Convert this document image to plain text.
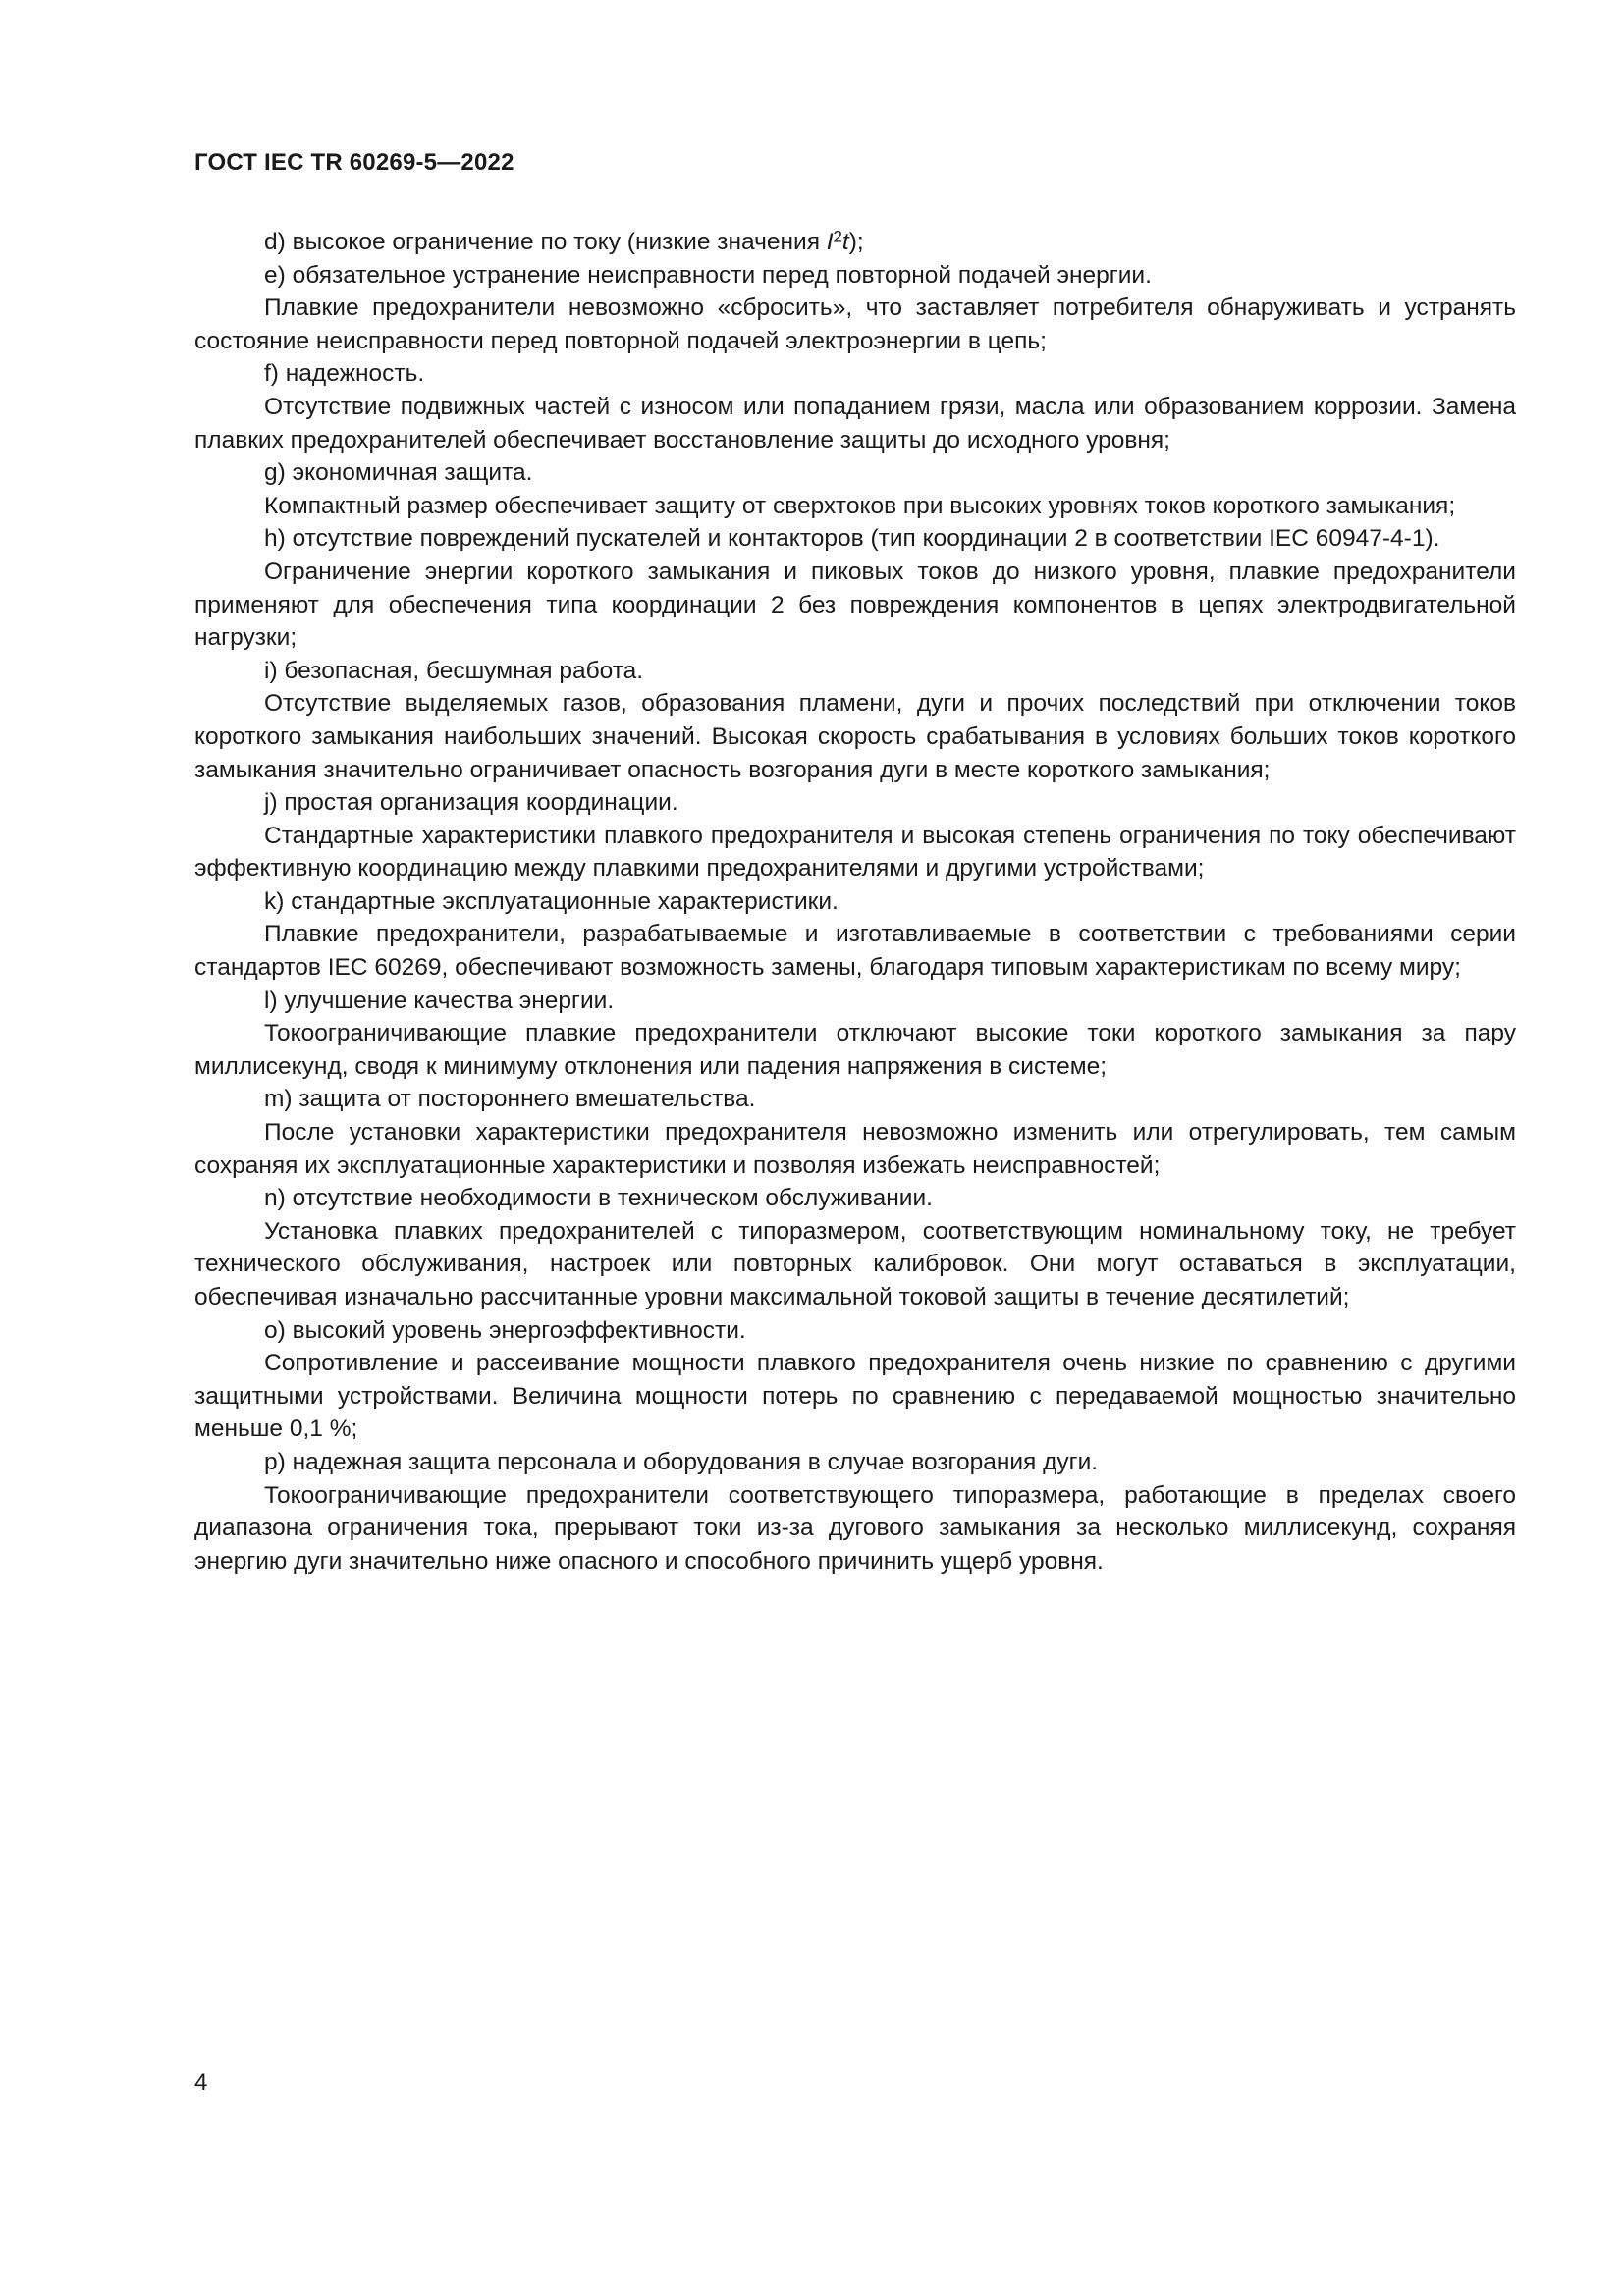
ГОСТ IEC TR 60269-5—2022

d) высокое ограничение по току (низкие значения $I^2t$);

e) обязательное устранение неисправности перед повторной подачей энергии.

Плавкие предохранители невозможно «сбросить», что заставляет потребителя обнаруживать и устранять состояние неисправности перед повторной подачей электроэнергии в цепь;

f) надежность.

Отсутствие подвижных частей с износом или попаданием грязи, масла или образованием коррозии. Замена плавких предохранителей обеспечивает восстановление защиты до исходного уровня;

g) экономичная защита.

Компактный размер обеспечивает защиту от сверхтоков при высоких уровнях токов короткого замыкания;

h) отсутствие повреждений пускателей и контакторов (тип координации 2 в соответствии IEC 60947-4-1).

Ограничение энергии короткого замыкания и пиковых токов до низкого уровня, плавкие предохранители применяют для обеспечения типа координации 2 без повреждения компонентов в цепях электродвигательной нагрузки;

i) безопасная, бесшумная работа.

Отсутствие выделяемых газов, образования пламени, дуги и прочих последствий при отключении токов короткого замыкания наибольших значений. Высокая скорость срабатывания в условиях больших токов короткого замыкания значительно ограничивает опасность возгорания дуги в месте короткого замыкания;

j) простая организация координации.

Стандартные характеристики плавкого предохранителя и высокая степень ограничения по току обеспечивают эффективную координацию между плавкими предохранителями и другими устройствами;

k) стандартные эксплуатационные характеристики.

Плавкие предохранители, разрабатываемые и изготавливаемые в соответствии с требованиями серии стандартов IEC 60269, обеспечивают возможность замены, благодаря типовым характеристикам по всему миру;

l) улучшение качества энергии.

Токоограничивающие плавкие предохранители отключают высокие токи короткого замыкания за пару миллисекунд, сводя к минимуму отклонения или падения напряжения в системе;

m) защита от постороннего вмешательства.

После установки характеристики предохранителя невозможно изменить или отрегулировать, тем самым сохраняя их эксплуатационные характеристики и позволяя избежать неисправностей;

n) отсутствие необходимости в техническом обслуживании.

Установка плавких предохранителей с типоразмером, соответствующим номинальному току, не требует технического обслуживания, настроек или повторных калибровок. Они могут оставаться в эксплуатации, обеспечивая изначально рассчитанные уровни максимальной токовой защиты в течение десятилетий;

o) высокий уровень энергоэффективности.

Сопротивление и рассеивание мощности плавкого предохранителя очень низкие по сравнению с другими защитными устройствами. Величина мощности потерь по сравнению с передаваемой мощностью значительно меньше 0,1 %;

p) надежная защита персонала и оборудования в случае возгорания дуги.

Токоограничивающие предохранители соответствующего типоразмера, работающие в пределах своего диапазона ограничения тока, прерывают токи из-за дугового замыкания за несколько миллисекунд, сохраняя энергию дуги значительно ниже опасного и способного причинить ущерб уровня.

4
